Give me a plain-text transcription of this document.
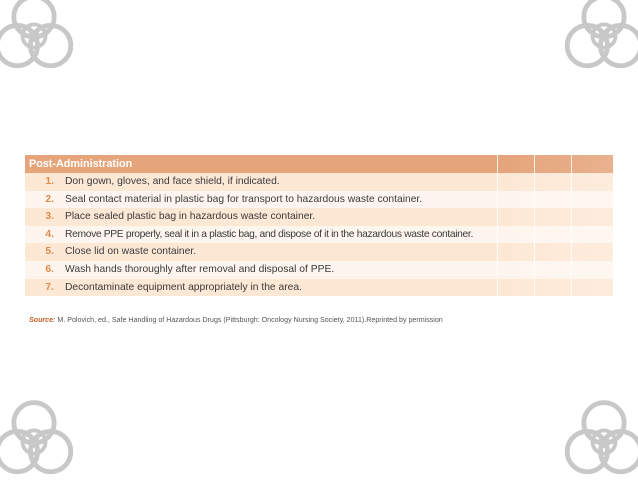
Post-Administration
1. Don gown, gloves, and face shield, if indicated.
2. Seal contact material in plastic bag for transport to hazardous waste container.
3. Place sealed plastic bag in hazardous waste container.
4. Remove PPE properly, seal it in a plastic bag, and dispose of it in the hazardous waste container.
5. Close lid on waste container.
6. Wash hands thoroughly after removal and disposal of PPE.
7. Decontaminate equipment appropriately in the area.
Source: M. Polovich, ed., Safe Handling of Hazardous Drugs (Pittsburgh: Oncology Nursing Society, 2011).Reprinted by permission
